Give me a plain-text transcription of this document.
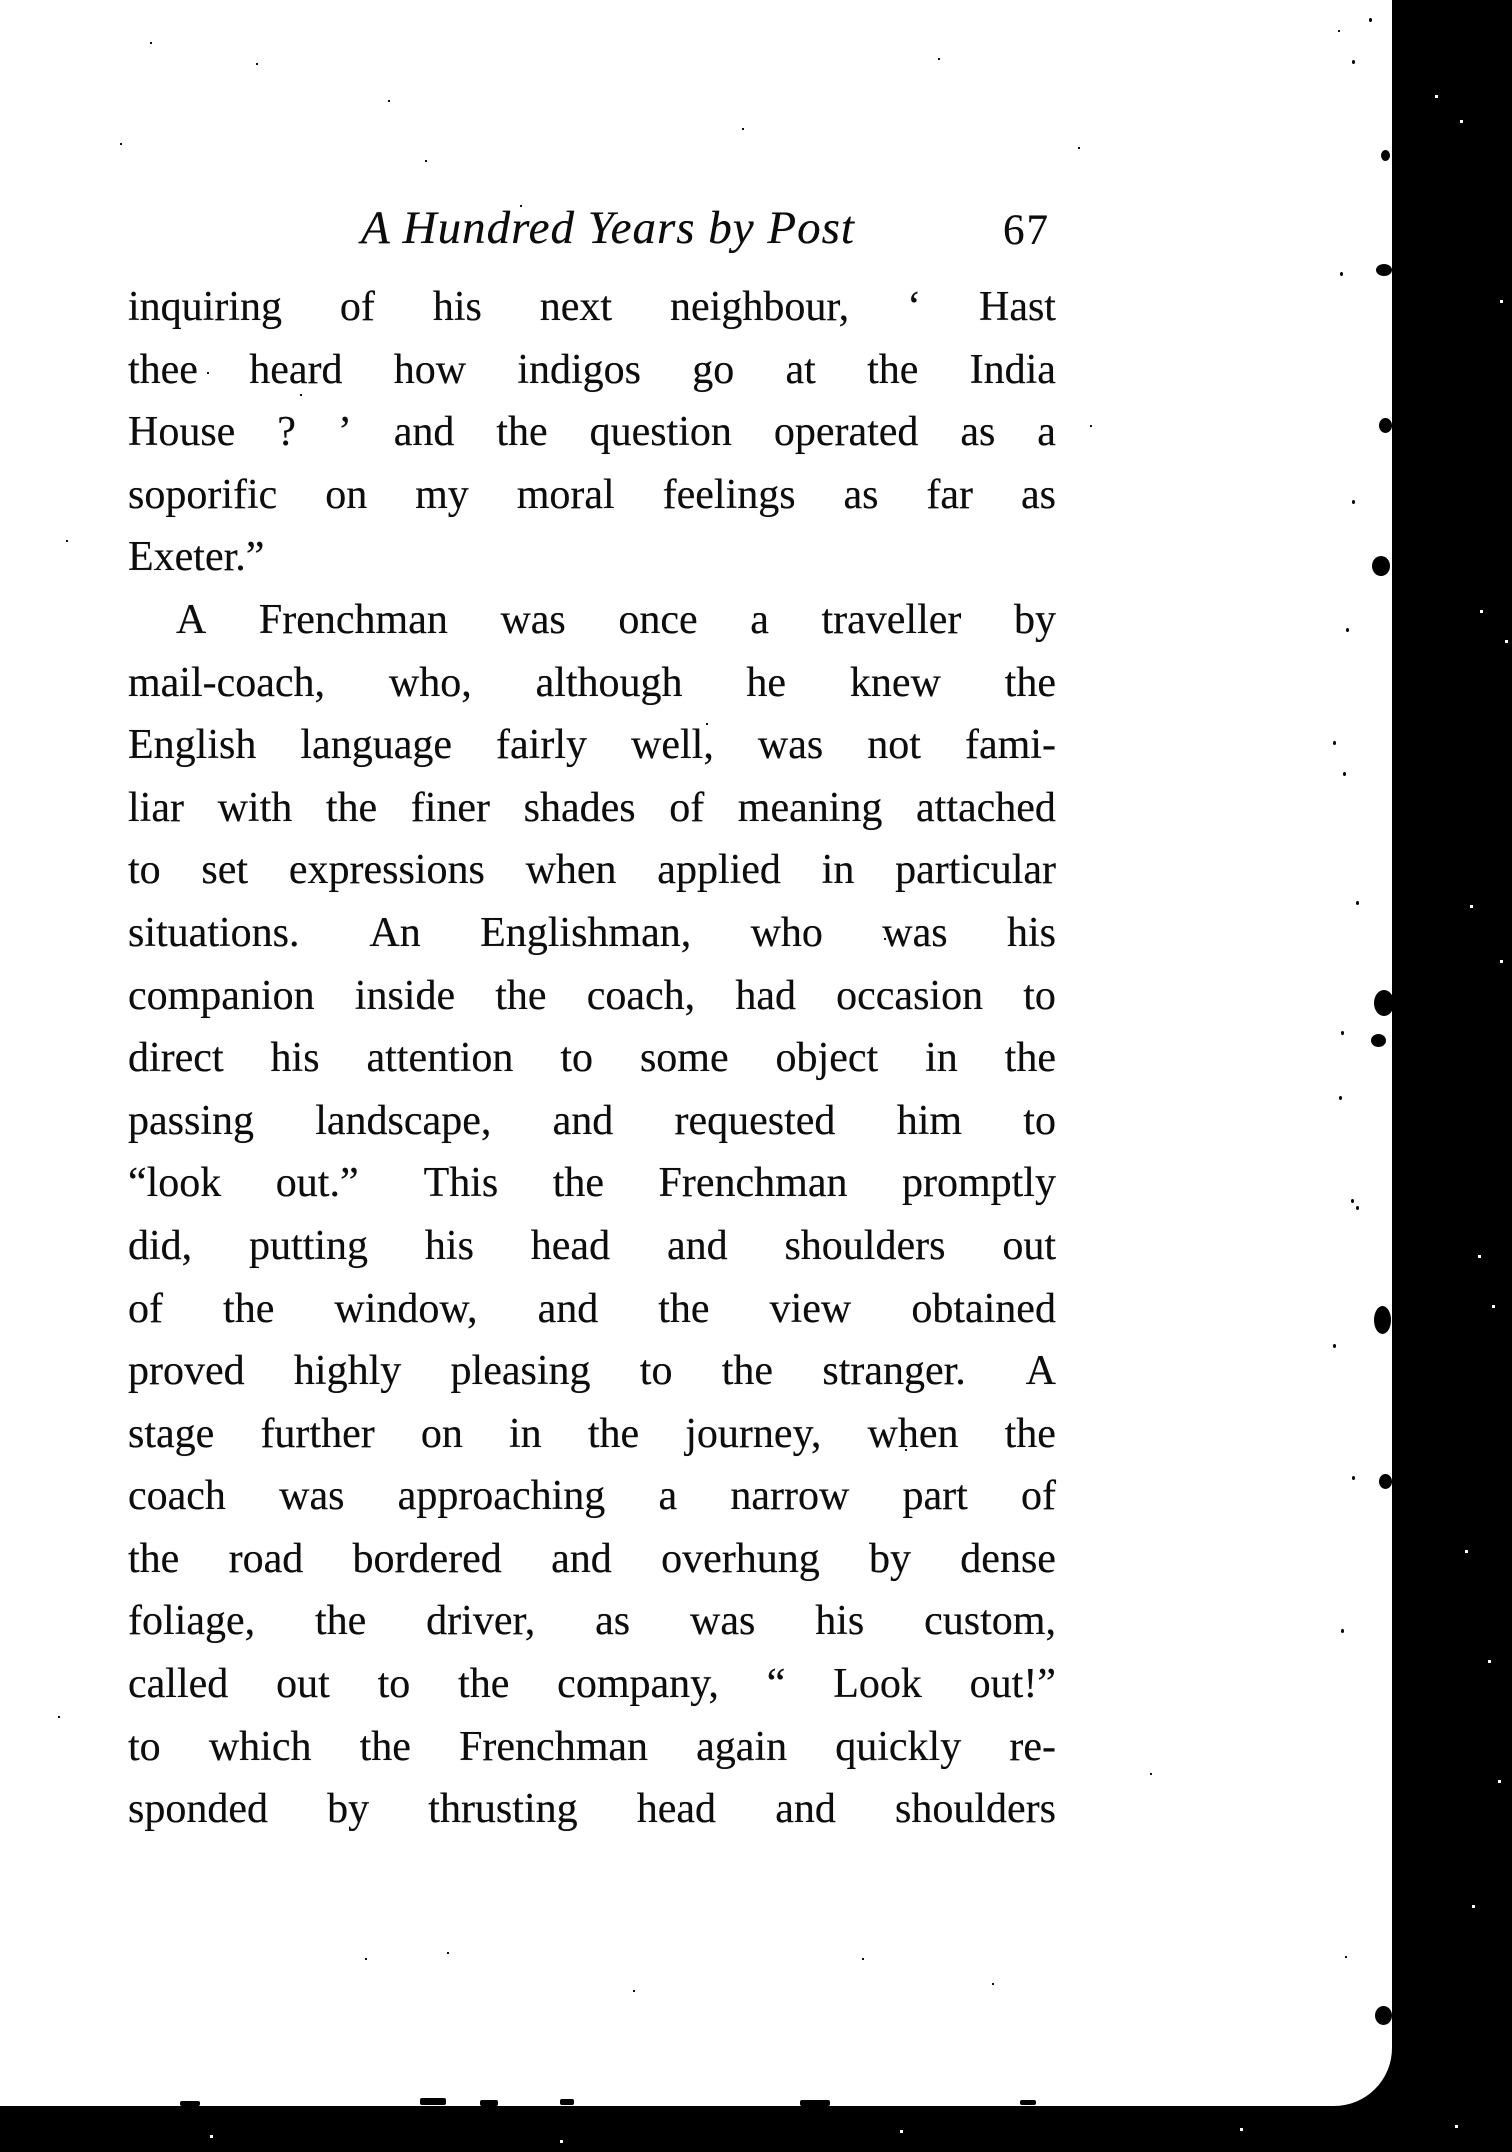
A Hundred Years by Post	67
inquiring of his next neighbour, ‘ Hast
thee heard how indigos go at the India
House ? ’ and the question operated as a
soporific on my moral feelings as far as
Exeter.”
A Frenchman was once a traveller by
mail-coach, who, although he knew the
English language fairly well, was not fami-
liar with the finer shades of meaning attached
to set expressions when applied in particular
situations. An Englishman, who was his
companion inside the coach, had occasion to
direct his attention to some object in the
passing landscape, and requested him to
“look out.” This the Frenchman promptly
did, putting his head and shoulders out
of the window, and the view obtained
proved highly pleasing to the stranger. A
stage further on in the journey, when the
coach was approaching a narrow part of
the road bordered and overhung by dense
foliage, the driver, as was his custom,
called out to the company, “ Look out!”
to which the Frenchman again quickly re-
sponded by thrusting head and shoulders
